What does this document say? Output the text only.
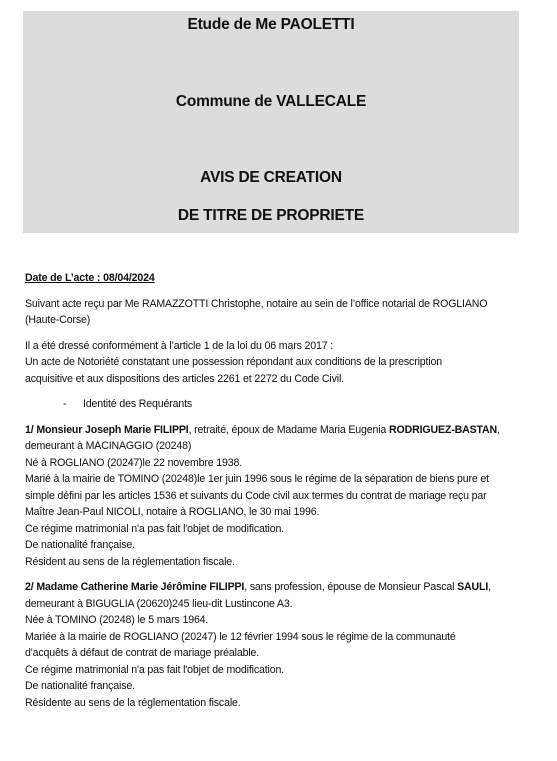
Etude de Me PAOLETTI
Commune de VALLECALE
AVIS DE CREATION
DE TITRE DE PROPRIETE
Date de L’acte : 08/04/2024
Suivant acte reçu par Me RAMAZZOTTI Christophe, notaire au sein de l’office notarial de ROGLIANO
(Haute-Corse)
Il a été dressé conformément à l’article 1 de la loi du 06 mars 2017 :
Un acte de Notoriété constatant une possession répondant aux conditions de la prescription
acquisitive et aux dispositions des articles 2261 et 2272 du Code Civil.
- Identité des Requérants
1/ Monsieur Joseph Marie FILIPPI, retraité, époux de Madame Maria Eugenia RODRIGUEZ-BASTAN,
demeurant à MACINAGGIO (20248)
Né à ROGLIANO (20247)le 22 novembre 1938.
Marié à la mairie de TOMINO (20248)le 1er juin 1996 sous le régime de la séparation de biens pure et
simple défini par les articles 1536 et suivants du Code civil aux termes du contrat de mariage reçu par
Maître Jean-Paul NICOLI, notaire à ROGLIANO, le 30 mai 1996.
Ce régime matrimonial n'a pas fait l'objet de modification.
De nationalité française.
Résident au sens de la réglementation fiscale.
2/ Madame Catherine Marie Jérômine FILIPPI, sans profession, épouse de Monsieur Pascal SAULI,
demeurant à BIGUGLIA (20620)245 lieu-dit Lustincone A3.
Née à TOMINO (20248) le 5 mars 1964.
Mariée à la mairie de ROGLIANO (20247) le 12 février 1994 sous le régime de la communauté
d'acquêts à défaut de contrat de mariage préalable.
Ce régime matrimonial n'a pas fait l'objet de modification.
De nationalité française.
Résidente au sens de la réglementation fiscale.
